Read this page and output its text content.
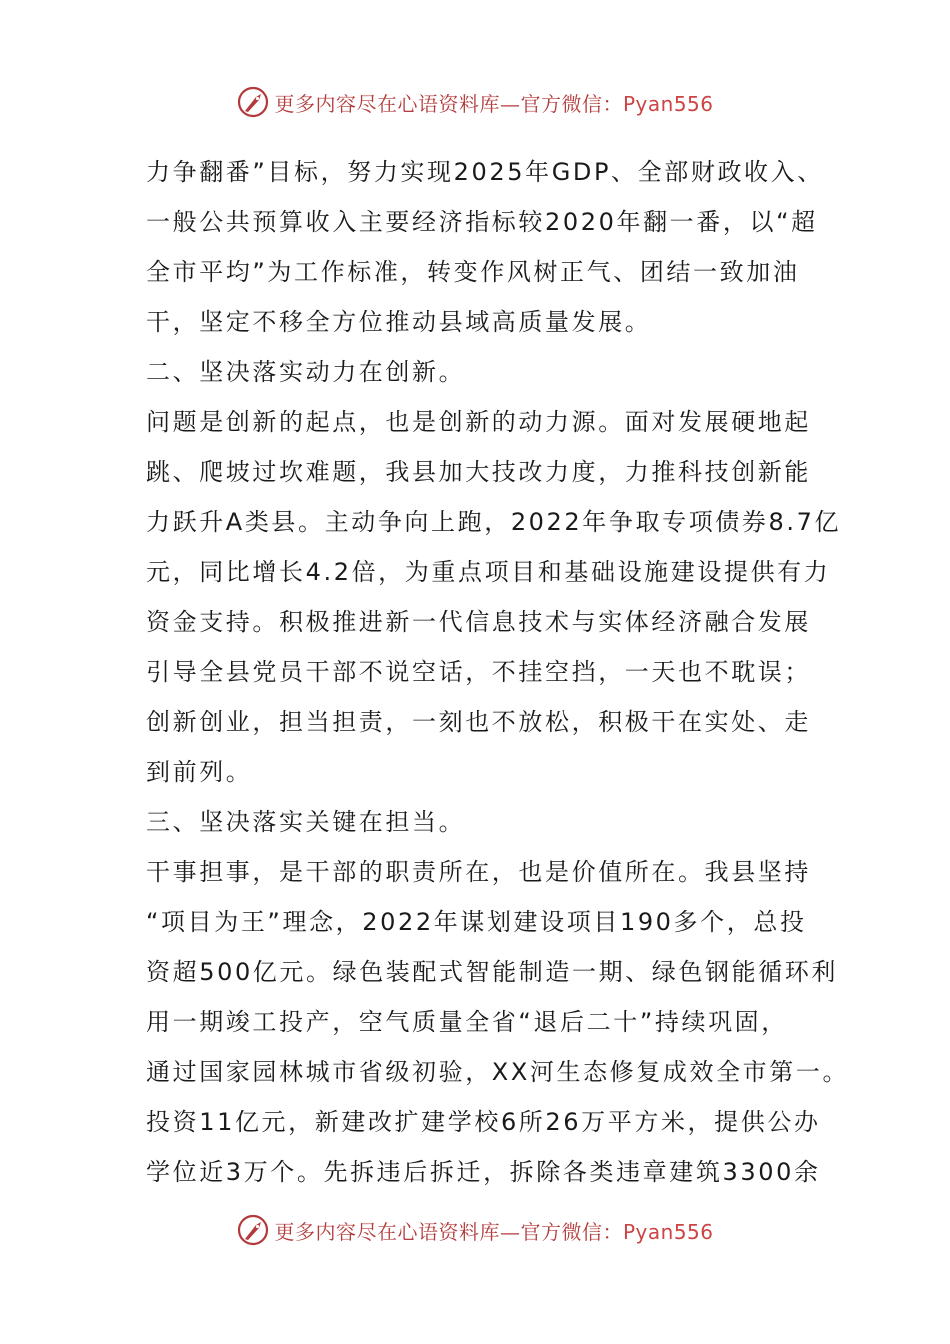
更多内容尽在心语资料库—官方微信：Pyan556
力争翻番”目标，努力实现2025年GDP、全部财政收入、
一般公共预算收入主要经济指标较2020年翻一番，以“超
全市平均”为工作标准，转变作风树正气、团结一致加油
干，坚定不移全方位推动县域高质量发展。
二、坚决落实动力在创新。
问题是创新的起点，也是创新的动力源。面对发展硬地起
跳、爬坡过坎难题，我县加大技改力度，力推科技创新能
力跃升A类县。主动争向上跑，2022年争取专项债券8.7亿
元，同比增长4.2倍，为重点项目和基础设施建设提供有力
资金支持。积极推进新一代信息技术与实体经济融合发展
引导全县党员干部不说空话，不挂空挡，一天也不耽误；
创新创业，担当担责，一刻也不放松，积极干在实处、走
到前列。
三、坚决落实关键在担当。
干事担事，是干部的职责所在，也是价值所在。我县坚持
“项目为王”理念，2022年谋划建设项目190多个，总投
资超500亿元。绿色装配式智能制造一期、绿色钢能循环利
用一期竣工投产，空气质量全省“退后二十”持续巩固，
通过国家园林城市省级初验，XX河生态修复成效全市第一。
投资11亿元，新建改扩建学校6所26万平方米，提供公办
学位近3万个。先拆违后拆迁，拆除各类违章建筑3300余
更多内容尽在心语资料库—官方微信：Pyan556
